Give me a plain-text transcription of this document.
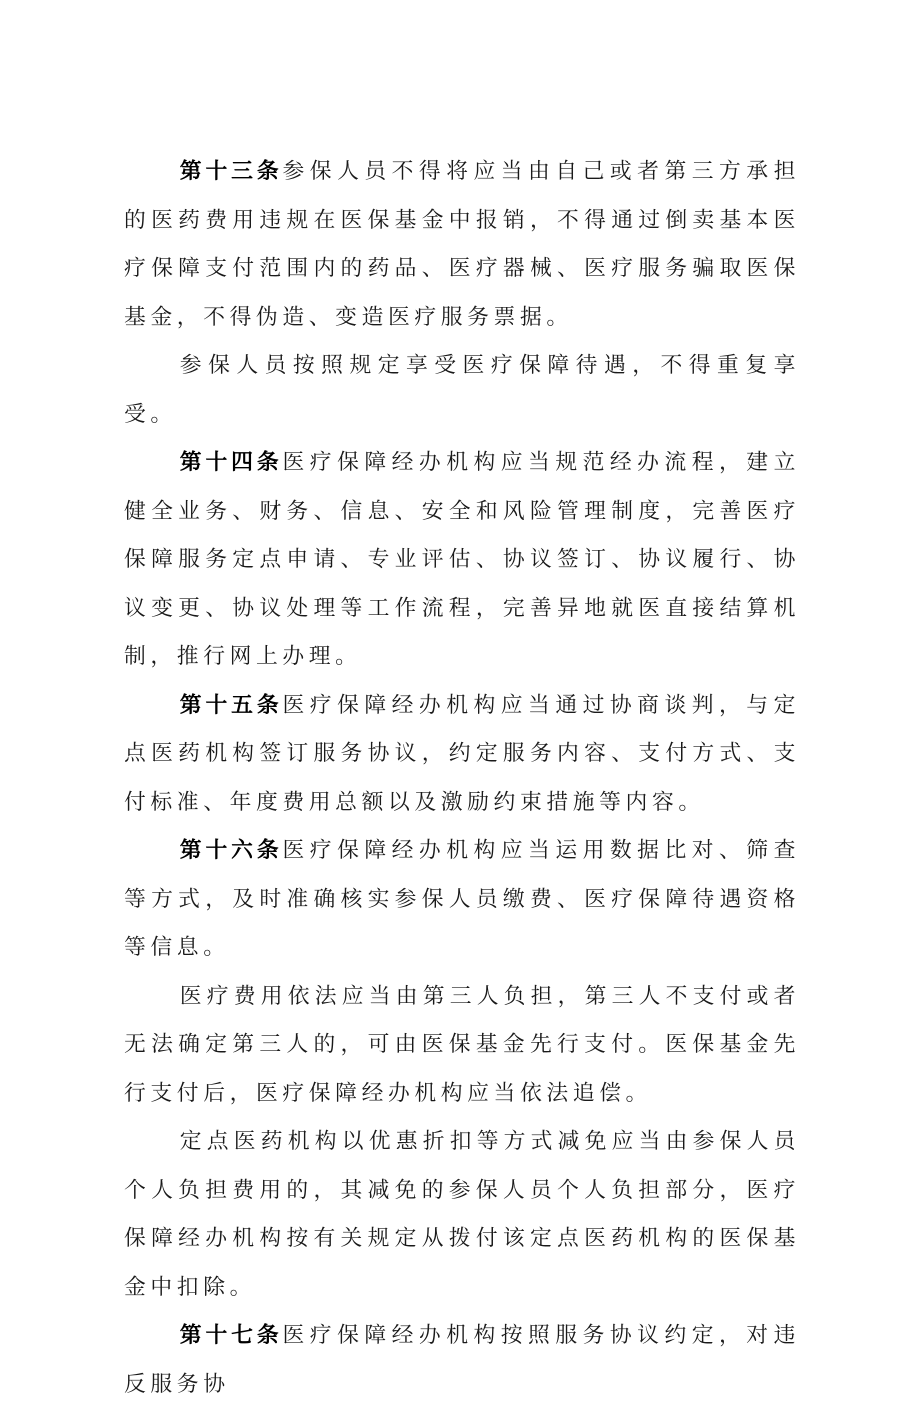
第十三条参保人员不得将应当由自己或者第三方承担的医药费用违规在医保基金中报销，不得通过倒卖基本医疗保障支付范围内的药品、医疗器械、医疗服务骗取医保基金，不得伪造、变造医疗服务票据。

参保人员按照规定享受医疗保障待遇，不得重复享受。

第十四条医疗保障经办机构应当规范经办流程，建立健全业务、财务、信息、安全和风险管理制度，完善医疗保障服务定点申请、专业评估、协议签订、协议履行、协议变更、协议处理等工作流程，完善异地就医直接结算机制，推行网上办理。

第十五条医疗保障经办机构应当通过协商谈判，与定点医药机构签订服务协议，约定服务内容、支付方式、支付标准、年度费用总额以及激励约束措施等内容。

第十六条医疗保障经办机构应当运用数据比对、筛查等方式，及时准确核实参保人员缴费、医疗保障待遇资格等信息。

医疗费用依法应当由第三人负担，第三人不支付或者无法确定第三人的，可由医保基金先行支付。医保基金先行支付后，医疗保障经办机构应当依法追偿。

定点医药机构以优惠折扣等方式减免应当由参保人员个人负担费用的，其减免的参保人员个人负担部分，医疗保障经办机构按有关规定从拨付该定点医药机构的医保基金中扣除。

第十七条医疗保障经办机构按照服务协议约定，对违反服务协
